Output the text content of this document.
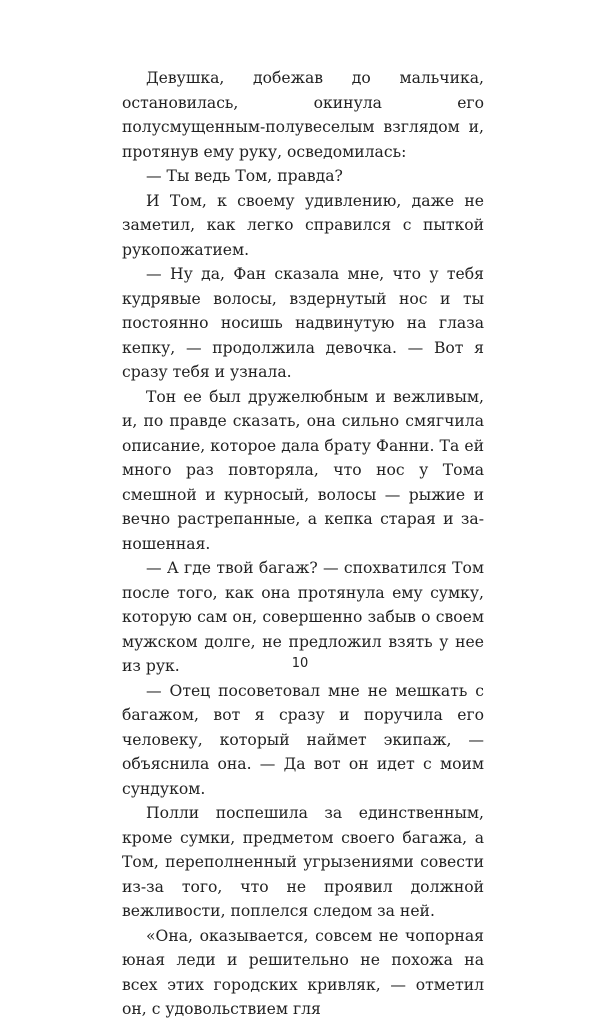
Девушка, добежав до мальчика, остановилась, окинула его полусмущенным-полувеселым взглядом и, протянув ему руку, осведомилась:

— Ты ведь Том, правда?

И Том, к своему удивлению, даже не заметил, как легко справился с пыткой рукопожатием.

— Ну да, Фан сказала мне, что у тебя кудрявые волосы, вздернутый нос и ты постоянно носишь надвинутую на глаза кепку, — продолжила девочка. — Вот я сразу тебя и узнала.

Тон ее был дружелюбным и вежливым, и, по правде сказать, она сильно смягчила описание, которое дала брату Фанни. Та ей много раз повторяла, что нос у Тома смешной и курносый, волосы — рыжие и вечно растрепанные, а кепка старая и заношенная.

— А где твой багаж? — спохватился Том после того, как она протянула ему сумку, которую сам он, совершенно забыв о своем мужском долге, не предложил взять у нее из рук.

— Отец посоветовал мне не мешкать с багажом, вот я сразу и поручила его человеку, который наймет экипаж, — объяснила она. — Да вот он идет с моим сундуком.

Полли поспешила за единственным, кроме сумки, предметом своего багажа, а Том, переполненный угрызениями совести из-за того, что не проявил должной вежливости, поплелся следом за ней.

«Она, оказывается, совсем не чопорная юная леди и решительно не похожа на всех этих городских кривляк, — отметил он, с удовольствием гля

10
